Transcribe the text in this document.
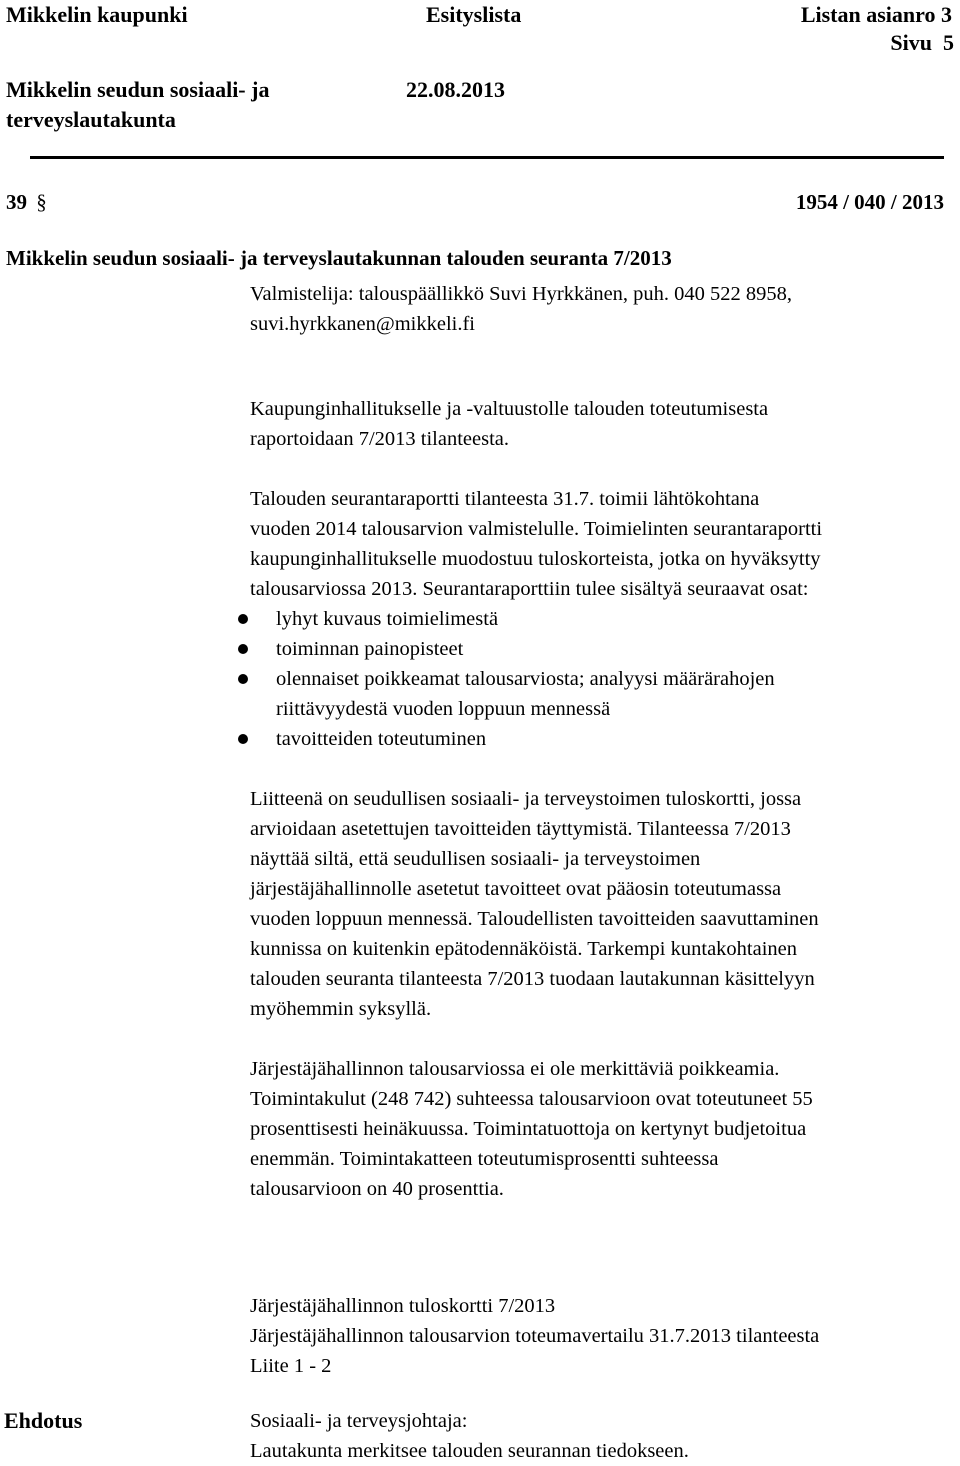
Mikkelin kaupunki	Esityslista	Listan asianro 3
Sivu  5
Mikkelin seudun sosiaali- ja
terveyslautakunta
22.08.2013
39 §	1954 / 040 / 2013
Mikkelin seudun sosiaali- ja terveyslautakunnan talouden seuranta 7/2013
Valmistelija: talouspäällikkö Suvi Hyrkkänen, puh. 040 522 8958,
suvi.hyrkkanen@mikkeli.fi
Kaupunginhallitukselle ja -valtuustolle talouden toteutumisesta
raportoidaan 7/2013 tilanteesta.
Talouden seurantaraportti tilanteesta 31.7. toimii lähtökohtana
vuoden 2014 talousarvion valmistelulle. Toimielinten seurantaraportti
kaupunginhallitukselle muodostuu tuloskorteista, jotka on hyväksytty
talousarviossa 2013. Seurantaraporttiin tulee sisältyä seuraavat osat:
lyhyt kuvaus toimielimestä
toiminnan painopisteet
olennaiset poikkeamat talousarviosta; analyysi määrärahojen
riittävyydestä vuoden loppuun mennessä
tavoitteiden toteutuminen
Liitteenä on seudullisen sosiaali- ja terveystoimen tuloskortti, jossa
arvioidaan asetettujen tavoitteiden täyttymistä. Tilanteessa 7/2013
näyttää siltä, että seudullisen sosiaali- ja terveystoimen
järjestäjähallinnolle asetetut tavoitteet ovat pääosin toteutumassa
vuoden loppuun mennessä. Taloudellisten tavoitteiden saavuttaminen
kunnissa on kuitenkin epätodennäköistä. Tarkempi kuntakohtainen
talouden seuranta tilanteesta 7/2013 tuodaan lautakunnan käsittelyyn
myöhemmin syksyllä.
Järjestäjähallinnon talousarviossa ei ole merkittäviä poikkeamia.
Toimintakulut (248 742) suhteessa talousarvioon ovat toteutuneet 55
prosenttisesti heinäkuussa. Toimintatuottoja on kertynyt budjetoitua
enemmän. Toimintakatteen toteutumisprosentti suhteessa
talousarvioon on 40 prosenttia.
Järjestäjähallinnon tuloskortti 7/2013
Järjestäjähallinnon talousarvion toteumavertailu 31.7.2013 tilanteesta
Liite 1 - 2
Ehdotus	Sosiaali- ja terveysjohtaja:
Lautakunta merkitsee talouden seurannan tiedokseen.
